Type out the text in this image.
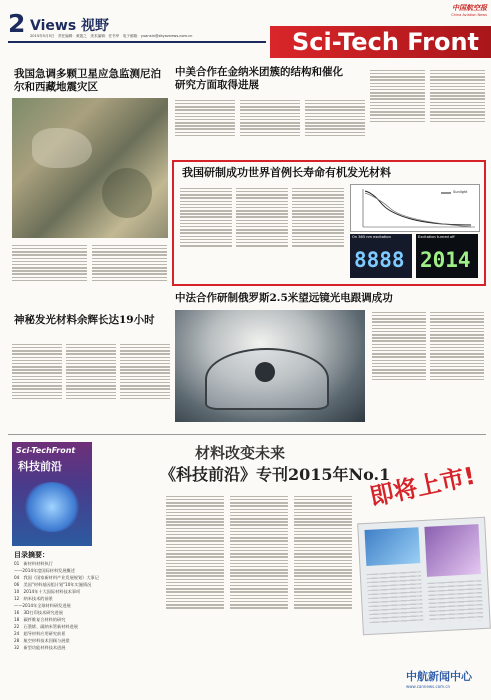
2 Views 视野
2015年5月5日　责任编辑：黄振之　美术编辑：任书华　电子邮箱：yuanxin@zkyavnews.com.cn
中国航空报
China Aviation News
Sci-Tech Front
我国急调多颗卫星应急监测尼泊尔和西藏地震灾区
神秘发光材料余辉长达19小时
中美合作在金纳米团簇的结构和催化研究方面取得进展
我国研制成功世界首例长寿命有机发光材料
Sunlight
On 365 nm excitation
8888
Excitation turned off
2014
中法合作研制俄罗斯2.5米望远镜光电跟调成功
Sci-TechFront
科技前沿
目录摘要：
01　新材料材料执行
——2014年度国际材料发展概述
04　我国《国家新材料产业发展规划》大事记
06　美国"材料基因组计划"10年实施情况
10　2014年十大国际材料技术事项
12　纳米技术的前景
——2014年全球材料研发进展
16　3D打印技术研究进展
18　碳纤维复合材料的研究
22　石墨烯、碳纳米管新材料进展
24　超导材料应用研究前景
28　航空材料技术回顾与展望
32　新型功能材料技术进展
材料改变未来
《科技前沿》专刊2015年No.1
即将上市!
中航新闻中心
www.cannews.com.cn
